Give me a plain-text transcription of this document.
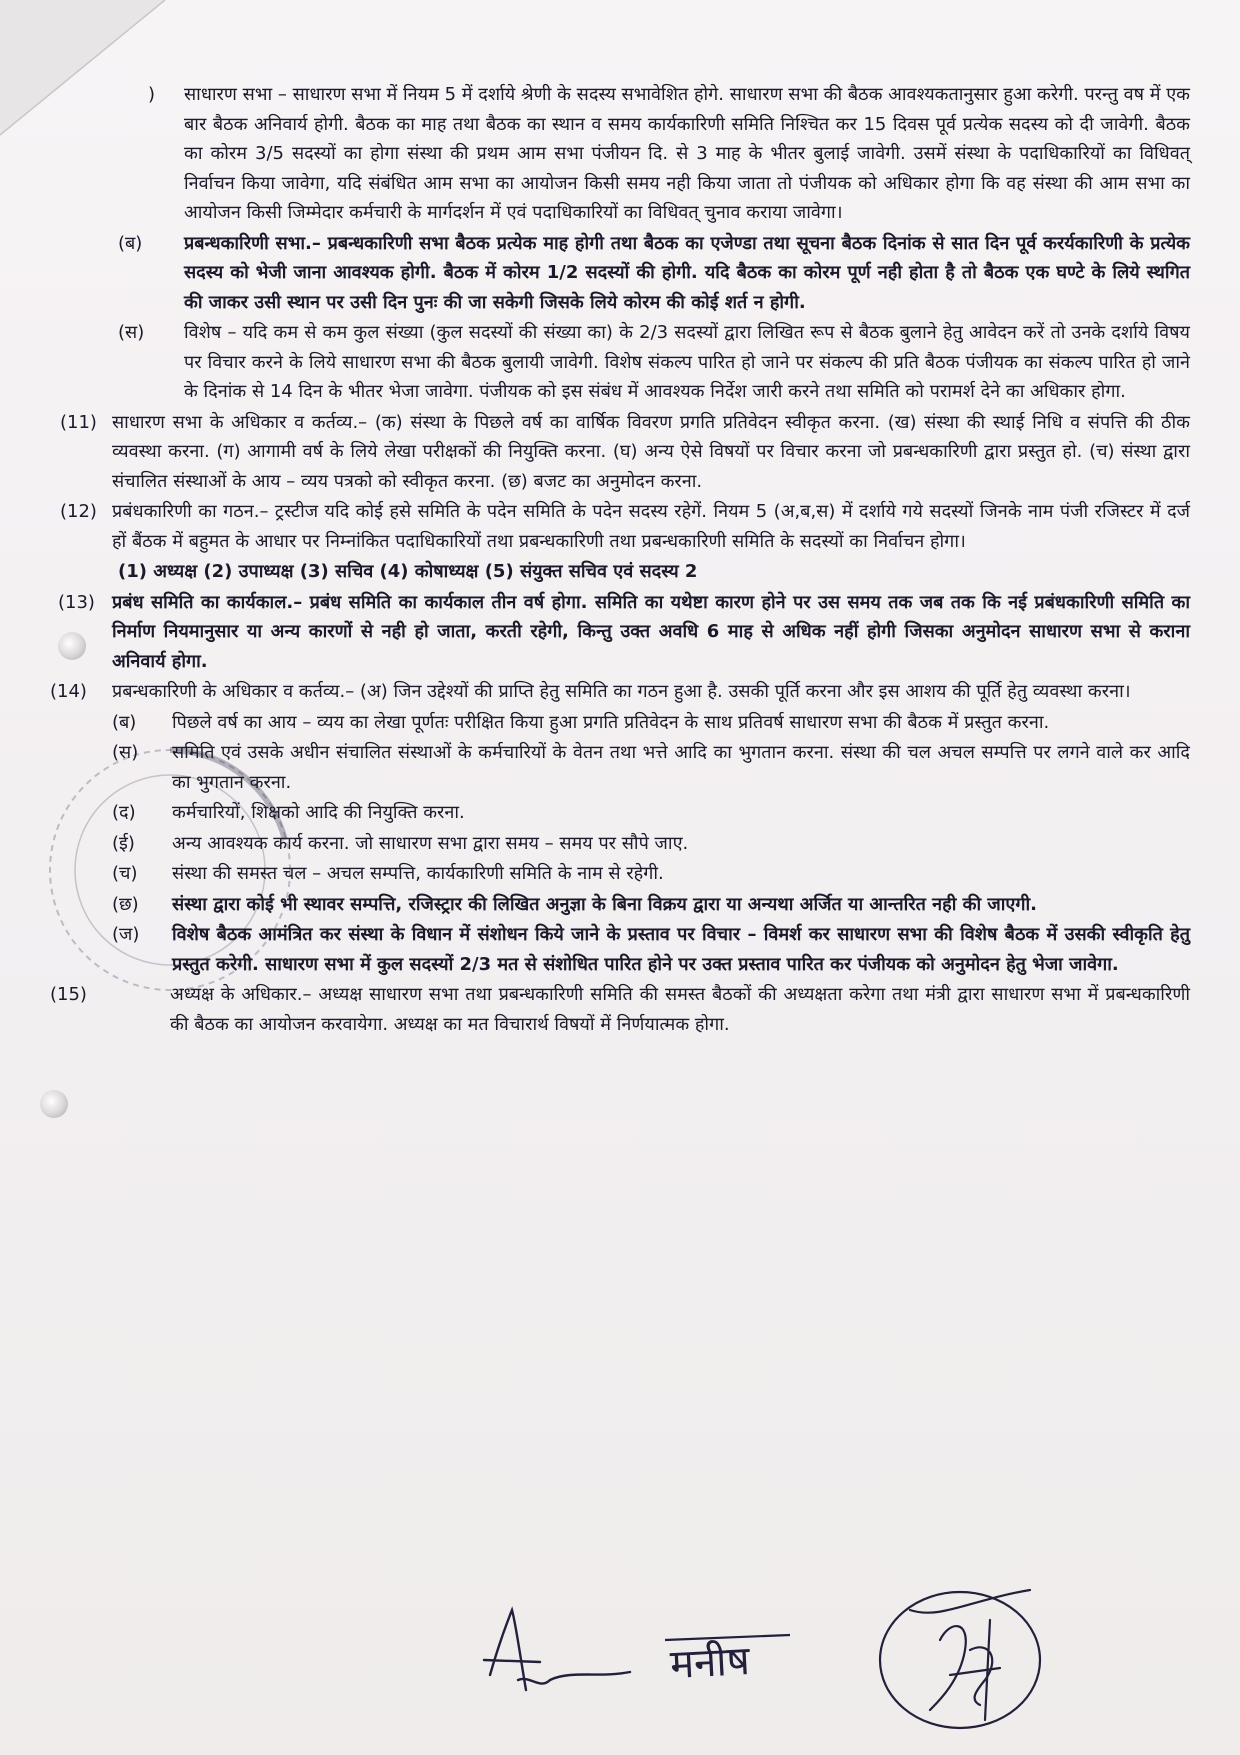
)	साधारण सभा – साधारण सभा में नियम 5 में दर्शाये श्रेणी के सदस्य सभावेशित होगे. साधारण सभा की बैठक आवश्यकतानुसार हुआ करेगी. परन्तु वष में एक बार बैठक अनिवार्य होगी. बैठक का माह तथा बैठक का स्थान व समय कार्यकारिणी समिति निश्चित कर 15 दिवस पूर्व प्रत्येक सदस्य को दी जावेगी. बैठक का कोरम 3/5 सदस्यों का होगा संस्था की प्रथम आम सभा पंजीयन दि. से 3 माह के भीतर बुलाई जावेगी. उसमें संस्था के पदाधिकारियों का विधिवत् निर्वाचन किया जावेगा, यदि संबंधित आम सभा का आयोजन किसी समय नही किया जाता तो पंजीयक को अधिकार होगा कि वह संस्था की आम सभा का आयोजन किसी जिम्मेदार कर्मचारी के मार्गदर्शन में एवं पदाधिकारियों का विधिवत् चुनाव कराया जावेगा।
(ब)	प्रबन्धकारिणी सभा.– प्रबन्धकारिणी सभा बैठक प्रत्येक माह होगी तथा बैठक का एजेण्डा तथा सूचना बैठक दिनांक से सात दिन पूर्व करर्यकारिणी के प्रत्येक सदस्य को भेजी जाना आवश्यक होगी. बैठक में कोरम 1/2 सदस्यों की होगी. यदि बैठक का कोरम पूर्ण नही होता है तो बैठक एक घण्टे के लिये स्थगित की जाकर उसी स्थान पर उसी दिन पुनः की जा सकेगी जिसके लिये कोरम की कोई शर्त न होगी.
(स)	विशेष – यदि कम से कम कुल संख्या (कुल सदस्यों की संख्या का) के 2/3 सदस्यों द्वारा लिखित रूप से बैठक बुलाने हेतु आवेदन करें तो उनके दर्शाये विषय पर विचार करने के लिये साधारण सभा की बैठक बुलायी जावेगी. विशेष संकल्प पारित हो जाने पर संकल्प की प्रति बैठक पंजीयक का संकल्प पारित हो जाने के दिनांक से 14 दिन के भीतर भेजा जावेगा. पंजीयक को इस संबंध में आवश्यक निर्देश जारी करने तथा समिति को परामर्श देने का अधिकार होगा.
(11) साधारण सभा के अधिकार व कर्तव्य.– (क) संस्था के पिछले वर्ष का वार्षिक विवरण प्रगति प्रतिवेदन स्वीकृत करना. (ख) संस्था की स्थाई निधि व संपत्ति की ठीक व्यवस्था करना. (ग) आगामी वर्ष के लिये लेखा परीक्षकों की नियुक्ति करना. (घ) अन्य ऐसे विषयों पर विचार करना जो प्रबन्धकारिणी द्वारा प्रस्तुत हो. (च) संस्था द्वारा संचालित संस्थाओं के आय – व्यय पत्रको को स्वीकृत करना. (छ) बजट का अनुमोदन करना.
(12) प्रबंधकारिणी का गठन.– ट्रस्टीज यदि कोई हसे समिति के पदेन समिति के पदेन सदस्य रहेगें. नियम 5 (अ,ब,स) में दर्शाये गये सदस्यों जिनके नाम पंजी रजिस्टर में दर्ज हों बैंठक में बहुमत के आधार पर निम्नांकित पदाधिकारियों तथा प्रबन्धकारिणी तथा प्रबन्धकारिणी समिति के सदस्यों का निर्वाचन होगा।
(1) अध्यक्ष (2) उपाध्यक्ष (3) सचिव (4) कोषाध्यक्ष (5) संयुक्त सचिव एवं सदस्य 2
(13) प्रबंध समिति का कार्यकाल.– प्रबंध समिति का कार्यकाल तीन वर्ष होगा. समिति का यथेष्टा कारण होने पर उस समय तक जब तक कि नई प्रबंधकारिणी समिति का निर्माण नियमानुसार या अन्य कारणों से नही हो जाता, करती रहेगी, किन्तु उक्त अवधि 6 माह से अधिक नहीं होगी जिसका अनुमोदन साधारण सभा से कराना अनिवार्य होगा.
(14)	प्रबन्धकारिणी के अधिकार व कर्तव्य.– (अ) जिन उद्देश्यों की प्राप्ति हेतु समिति का गठन हुआ है. उसकी पूर्ति करना और इस आशय की पूर्ति हेतु व्यवस्था करना।
(ब)	पिछले वर्ष का आय – व्यय का लेखा पूर्णतः परीक्षित किया हुआ प्रगति प्रतिवेदन के साथ प्रतिवर्ष साधारण सभा की बैठक में प्रस्तुत करना.
(स)	समिति एवं उसके अधीन संचालित संस्थाओं के कर्मचारियों के वेतन तथा भत्ते आदि का भुगतान करना. संस्था की चल अचल सम्पत्ति पर लगने वाले कर आदि का भुगतान करना.
(द)	कर्मचारियों, शिक्षको आदि की नियुक्ति करना.
(ई)	अन्य आवश्यक कार्य करना. जो साधारण सभा द्वारा समय – समय पर सौपे जाए.
(च)	संस्था की समस्त चल – अचल सम्पत्ति, कार्यकारिणी समिति के नाम से रहेगी.
(छ)	संस्था द्वारा कोई भी स्थावर सम्पत्ति, रजिस्ट्रार की लिखित अनुज्ञा के बिना विक्रय द्वारा या अन्यथा अर्जित या आन्तरित नही की जाएगी.
(ज)	विशेष बैठक आमंत्रित कर संस्था के विधान में संशोधन किये जाने के प्रस्ताव पर विचार – विमर्श कर साधारण सभा की विशेष बैठक में उसकी स्वीकृति हेतु प्रस्तुत करेगी. साधारण सभा में कुल सदस्यों 2/3 मत से संशोधित पारित होने पर उक्त प्रस्ताव पारित कर पंजीयक को अनुमोदन हेतु भेजा जावेगा.
(15)	अध्यक्ष के अधिकार.– अध्यक्ष साधारण सभा तथा प्रबन्धकारिणी समिति की समस्त बैठकों की अध्यक्षता करेगा तथा मंत्री द्वारा साधारण सभा में प्रबन्धकारिणी की बैठक का आयोजन करवायेगा. अध्यक्ष का मत विचारार्थ विषयों में निर्णयात्मक होगा.
मनीष
